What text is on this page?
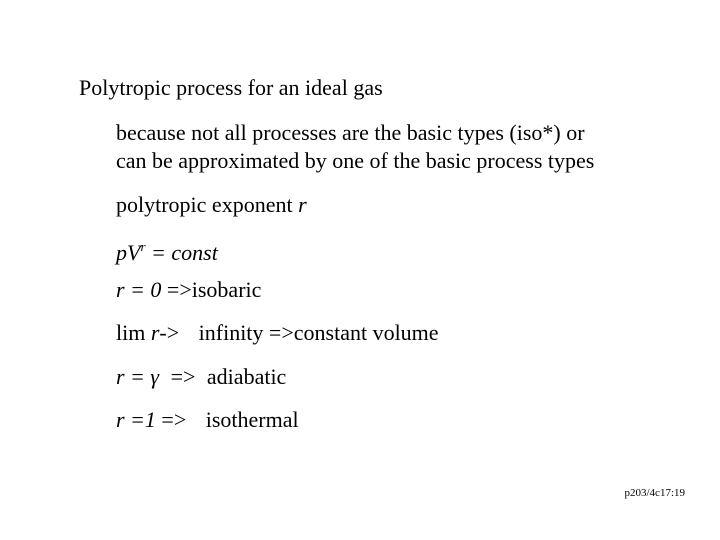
Polytropic process for an ideal gas
because not all processes are the basic types (iso*) or
can be approximated by one of the basic process types
polytropic exponent r
$pV^r$ = const
r = 0 =>isobaric
lim r-> infinity =>constant volume
r = γ => adiabatic
r =1 => isothermal
p203/4c17:19
